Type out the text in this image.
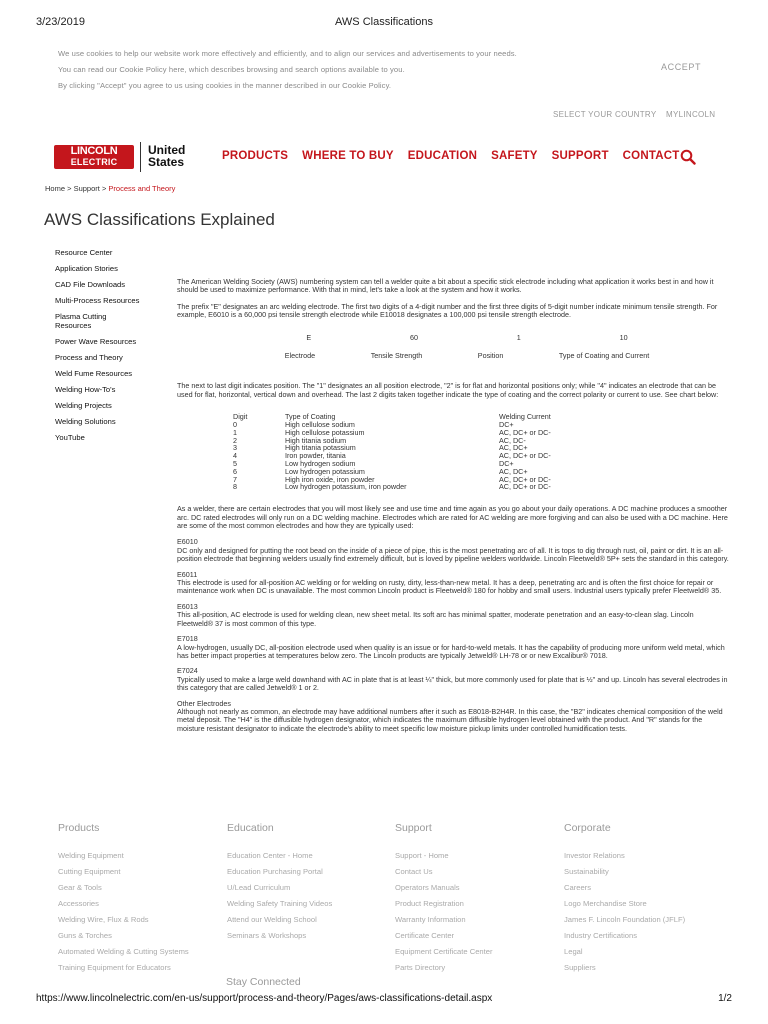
3/23/2019	AWS Classifications
We use cookies to help our website work more effectively and efficiently, and to align our services and advertisements to your needs.
You can read our Cookie Policy here, which describes browsing and search options available to you.
By clicking "Accept" you agree to us using cookies in the manner described in our Cookie Policy.
ACCEPT
SELECT YOUR COUNTRY MYLINCOLN
LINCOLN
ELECTRIC
United
States	PRODUCTS WHERE TO BUY EDUCATION SAFETY SUPPORT CONTACT
Home > Support > Process and Theory
AWS Classifications Explained
Resource Center
Application Stories
CAD File Downloads
Multi-Process Resources
Plasma Cutting Resources
Power Wave Resources
Process and Theory
Weld Fume Resources
Welding How-To's
Welding Projects
Welding Solutions
YouTube

The American Welding Society (AWS) numbering system can tell a welder quite a bit about a specific stick electrode including what application it works best in and how it should be used to maximize performance. With that in mind, let's take a look at the system and how it works.

The prefix "E" designates an arc welding electrode. The first two digits of a 4-digit number and the first three digits of 5-digit number indicate minimum tensile strength. For example, E6010 is a 60,000 psi tensile strength electrode while E10018 designates a 100,000 psi tensile strength electrode.

E	60	1	10
Electrode	Tensile Strength	Position	Type of Coating and Current

The next to last digit indicates position. The "1" designates an all position electrode, "2" is for flat and horizontal positions only; while "4" indicates an electrode that can be used for flat, horizontal, vertical down and overhead. The last 2 digits taken together indicate the type of coating and the correct polarity or current to use. See chart below:

Digit	Type of Coating	Welding Current
0	High cellulose sodium	DC+
1	High cellulose potassium	AC, DC+ or DC-
2	High titania sodium	AC, DC-
3	High titania potassium	AC, DC+
4	Iron powder, titania	AC, DC+ or DC-
5	Low hydrogen sodium	DC+
6	Low hydrogen potassium	AC, DC+
7	High iron oxide, iron powder	AC, DC+ or DC-
8	Low hydrogen potassium, iron powder	AC, DC+ or DC-

As a welder, there are certain electrodes that you will most likely see and use time and time again as you go about your daily operations. A DC machine produces a smoother arc. DC rated electrodes will only run on a DC welding machine. Electrodes which are rated for AC welding are more forgiving and can also be used with a DC machine. Here are some of the most common electrodes and how they are typically used:

E6010
DC only and designed for putting the root bead on the inside of a piece of pipe, this is the most penetrating arc of all. It is tops to dig through rust, oil, paint or dirt. It is an all-position electrode that beginning welders usually find extremely difficult, but is loved by pipeline welders worldwide. Lincoln Fleetweld® 5P+ sets the standard in this category.

E6011
This electrode is used for all-position AC welding or for welding on rusty, dirty, less-than-new metal. It has a deep, penetrating arc and is often the first choice for repair or maintenance work when DC is unavailable. The most common Lincoln product is Fleetweld® 180 for hobby and small users. Industrial users typically prefer Fleetweld® 35.

E6013
This all-position, AC electrode is used for welding clean, new sheet metal. Its soft arc has minimal spatter, moderate penetration and an easy-to-clean slag. Lincoln Fleetweld® 37 is most common of this type.

E7018
A low-hydrogen, usually DC, all-position electrode used when quality is an issue or for hard-to-weld metals. It has the capability of producing more uniform weld metal, which has better impact properties at temperatures below zero. The Lincoln products are typically Jetweld® LH-78 or or new Excalibur® 7018.

E7024
Typically used to make a large weld downhand with AC in plate that is at least ¼" thick, but more commonly used for plate that is ½" and up. Lincoln has several electrodes in this category that are called Jetweld® 1 or 2.

Other Electrodes
Although not nearly as common, an electrode may have additional numbers after it such as E8018-B2H4R. In this case, the "B2" indicates chemical composition of the weld metal deposit. The "H4" is the diffusible hydrogen designator, which indicates the maximum diffusible hydrogen level obtained with the product. And "R" stands for the moisture resistant designator to indicate the electrode's ability to meet specific low moisture pickup limits under controlled humidification tests.

Products
Welding Equipment
Cutting Equipment
Gear & Tools
Accessories
Welding Wire, Flux & Rods
Guns & Torches
Automated Welding & Cutting Systems
Training Equipment for Educators
Education
Education Center - Home
Education Purchasing Portal
U/Lead Curriculum
Welding Safety Training Videos
Attend our Welding School
Seminars & Workshops
Support
Support - Home
Contact Us
Operators Manuals
Product Registration
Warranty Information
Certificate Center
Equipment Certificate Center
Parts Directory
Corporate
Investor Relations
Sustainability
Careers
Logo Merchandise Store
James F. Lincoln Foundation (JFLF)
Industry Certifications
Legal
Suppliers
Stay Connected
https://www.lincolnelectric.com/en-us/support/process-and-theory/Pages/aws-classifications-detail.aspx	1/2
